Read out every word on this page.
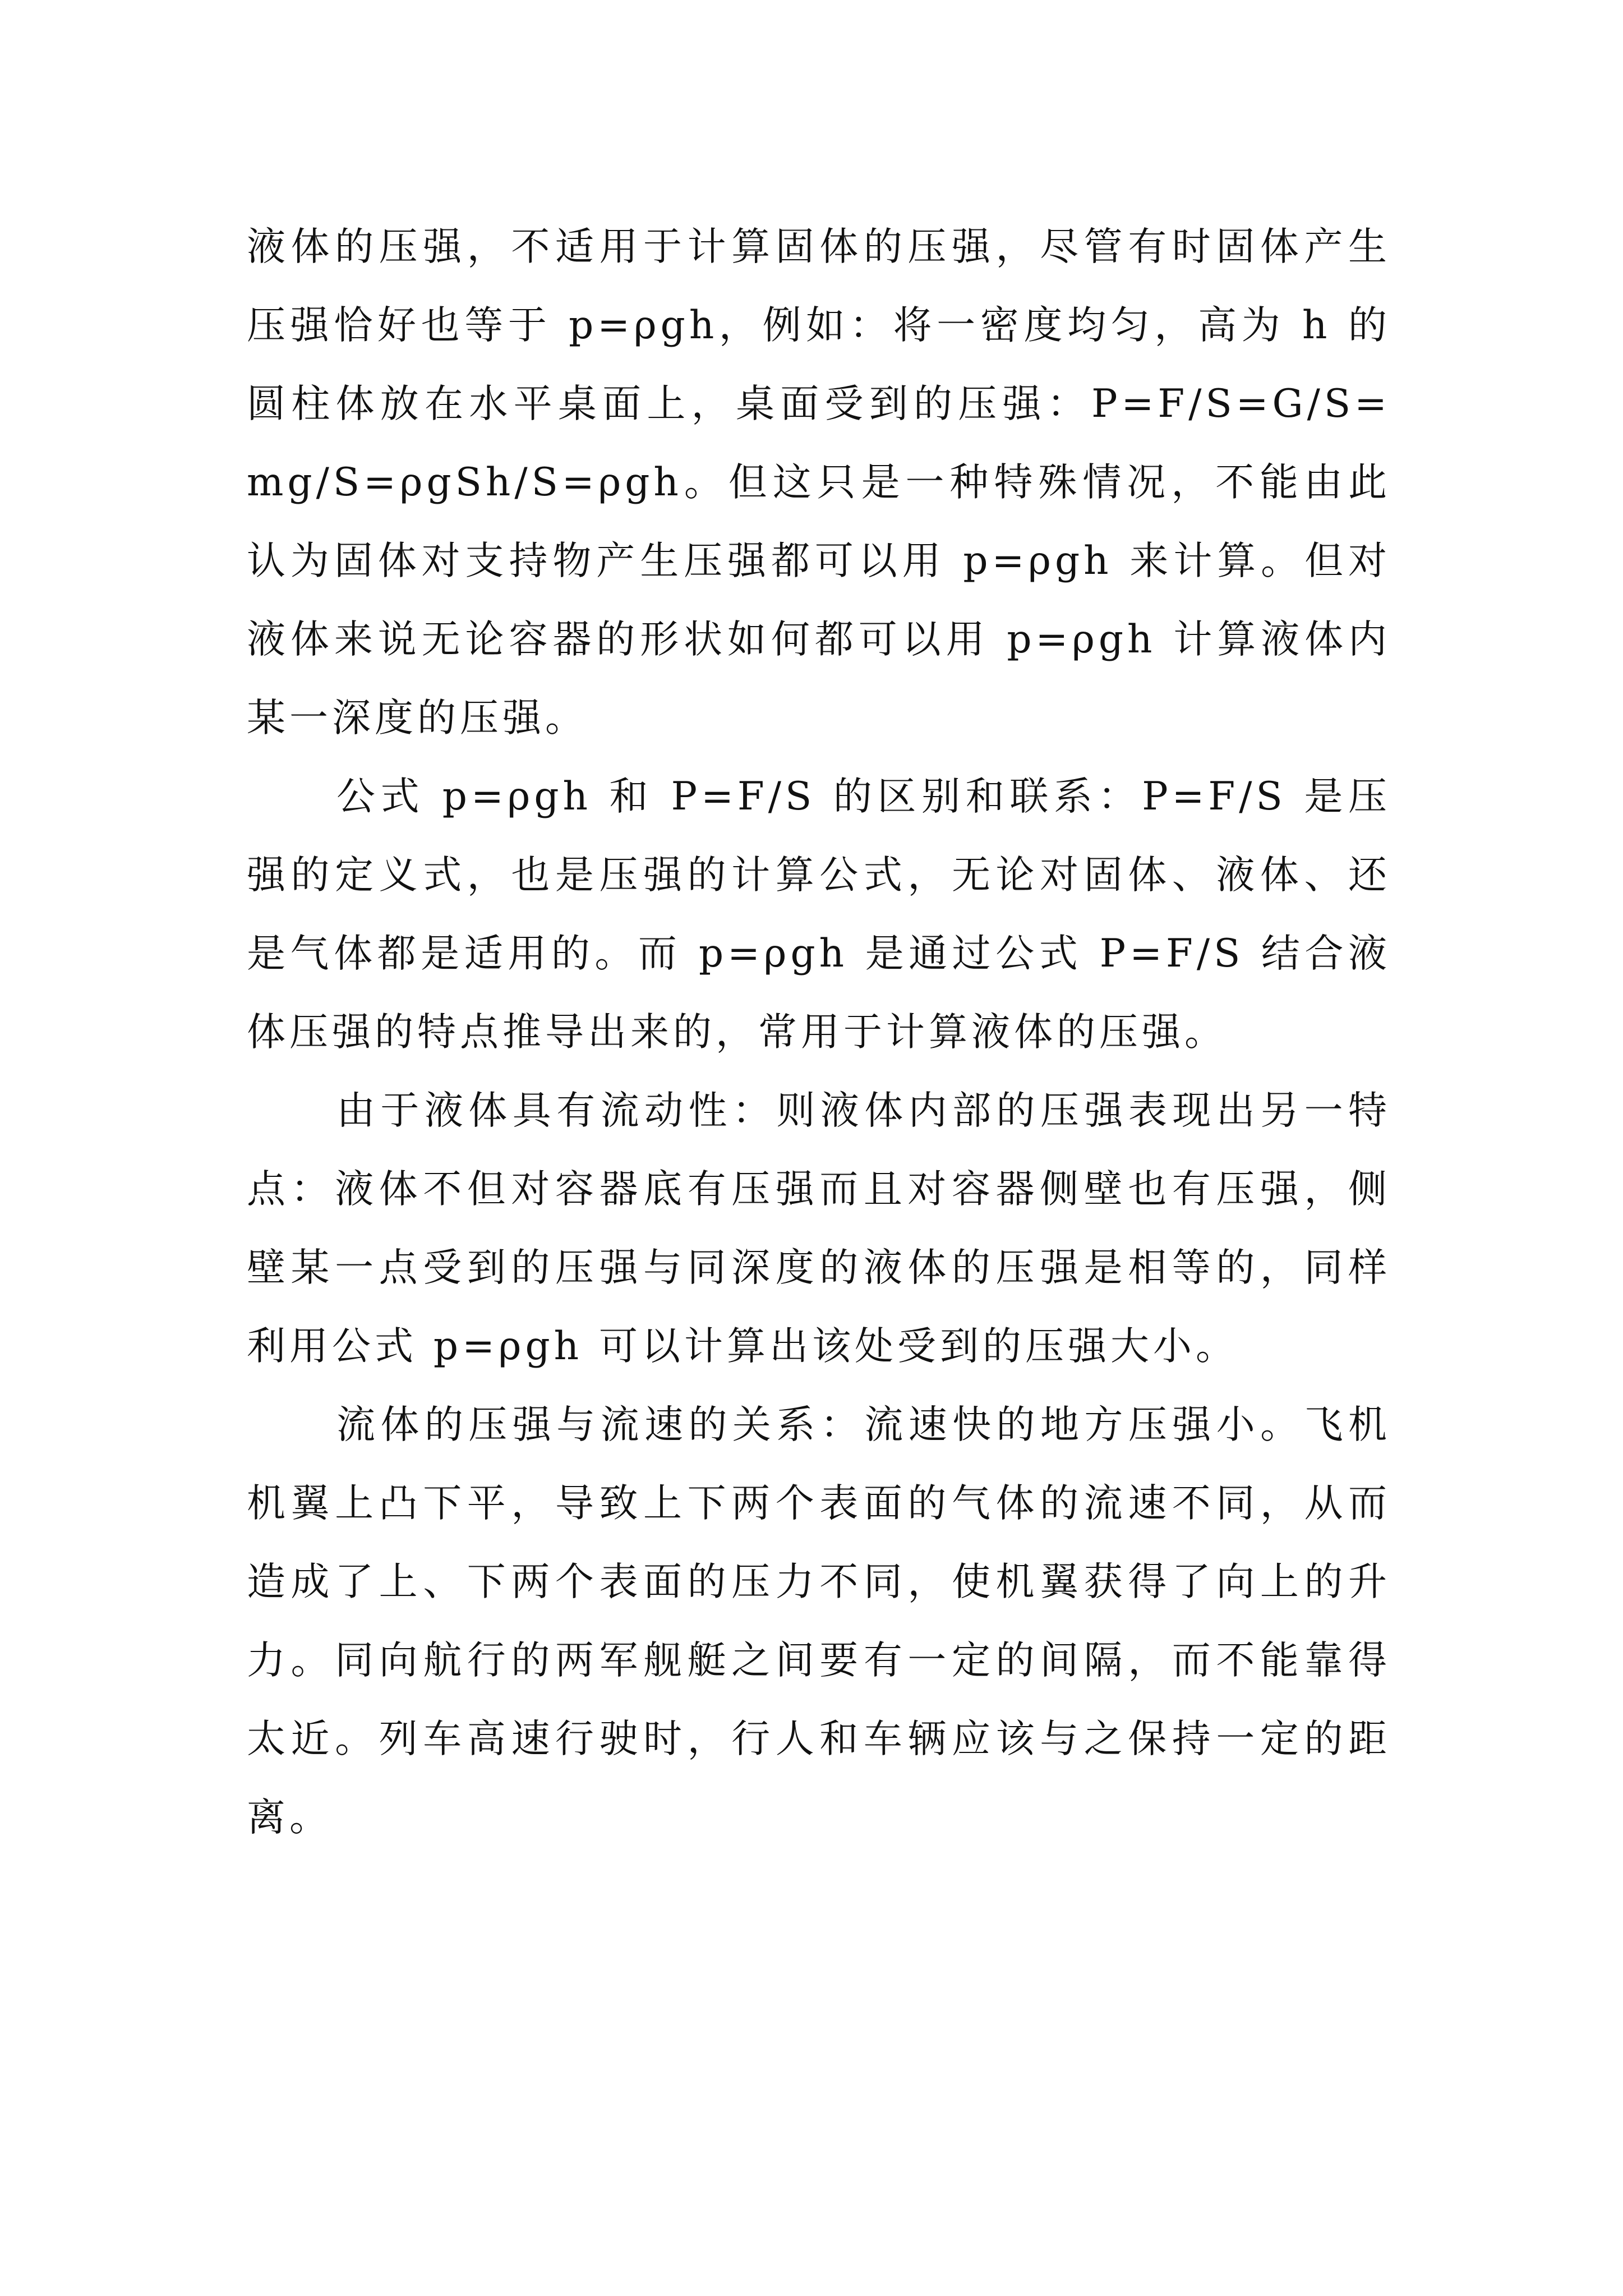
液体的压强，不适用于计算固体的压强，尽管有时固体产生压强恰好也等于 p=ρgh，例如：将一密度均匀，高为 h 的圆柱体放在水平桌面上，桌面受到的压强：P=F/S=G/S=mg/S=ρgSh/S=ρgh。但这只是一种特殊情况，不能由此认为固体对支持物产生压强都可以用 p=ρgh 来计算。但对液体来说无论容器的形状如何都可以用 p=ρgh 计算液体内某一深度的压强。

公式 p=ρgh 和 P=F/S 的区别和联系：P=F/S 是压强的定义式，也是压强的计算公式，无论对固体、液体、还是气体都是适用的。而 p=ρgh 是通过公式 P=F/S 结合液体压强的特点推导出来的，常用于计算液体的压强。

由于液体具有流动性：则液体内部的压强表现出另一特点：液体不但对容器底有压强而且对容器侧壁也有压强，侧壁某一点受到的压强与同深度的液体的压强是相等的，同样利用公式 p=ρgh 可以计算出该处受到的压强大小。

流体的压强与流速的关系：流速快的地方压强小。飞机机翼上凸下平，导致上下两个表面的气体的流速不同，从而造成了上、下两个表面的压力不同，使机翼获得了向上的升力。同向航行的两军舰艇之间要有一定的间隔，而不能靠得太近。列车高速行驶时，行人和车辆应该与之保持一定的距离。
